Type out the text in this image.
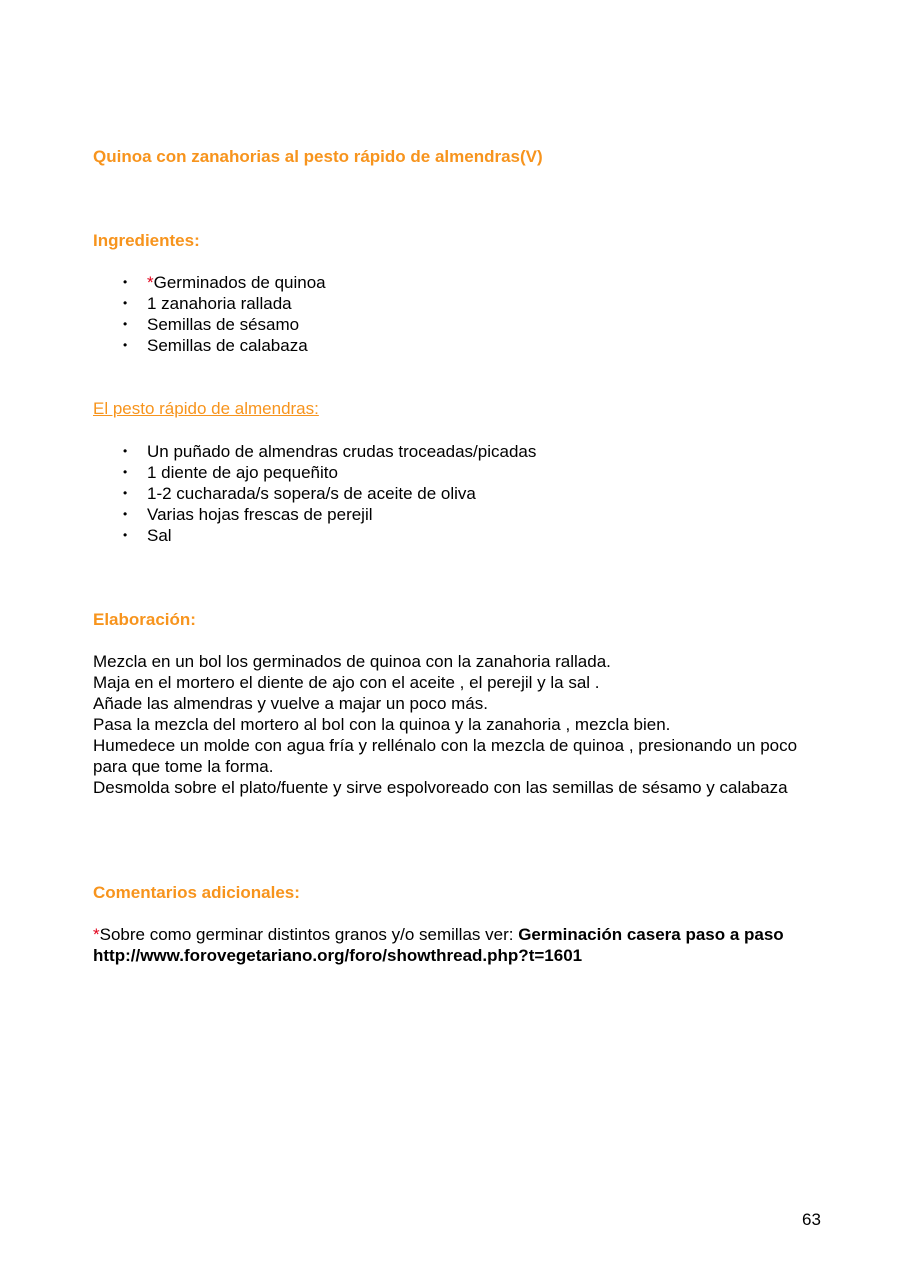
Quinoa con zanahorias al pesto rápido de almendras(V)
Ingredientes:
• *Germinados de quinoa
• 1 zanahoria rallada
• Semillas de sésamo
• Semillas de calabaza
El pesto rápido de almendras:
• Un puñado de almendras crudas troceadas/picadas
• 1 diente de ajo pequeñito
• 1-2 cucharada/s sopera/s de aceite de oliva
• Varias hojas frescas de perejil
• Sal
Elaboración:
Mezcla en un bol los germinados de quinoa con la zanahoria rallada.
Maja en el mortero el diente de ajo con el aceite , el perejil y la sal .
Añade las almendras y vuelve a majar un poco más.
Pasa la mezcla del mortero al bol con la quinoa y la zanahoria , mezcla bien.
Humedece un molde con agua fría y rellénalo con la mezcla de quinoa , presionando un poco para que tome la forma.
Desmolda sobre el plato/fuente y sirve espolvoreado con las semillas de sésamo y calabaza
Comentarios adicionales:

*Sobre como germinar distintos granos y/o semillas ver: Germinación casera paso a paso http://www.forovegetariano.org/foro/showthread.php?t=1601

63
